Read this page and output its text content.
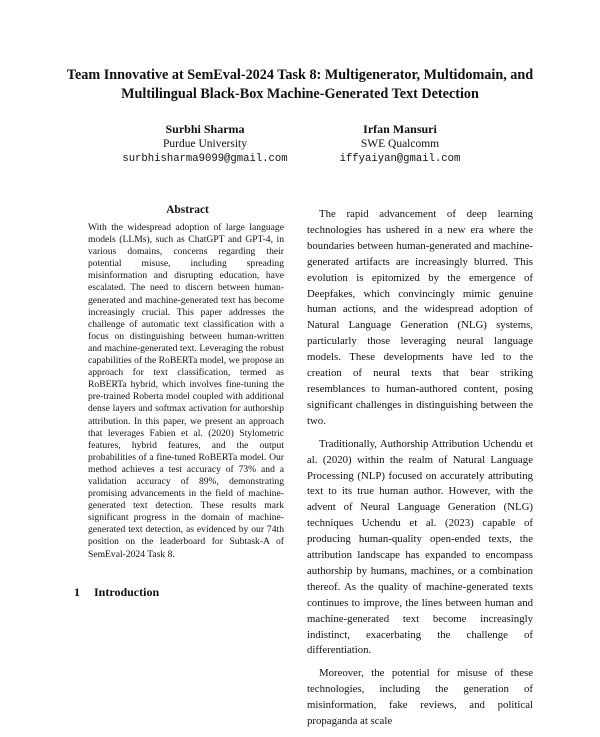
Team Innovative at SemEval-2024 Task 8: Multigenerator, Multidomain, and Multilingual Black-Box Machine-Generated Text Detection
Surbhi Sharma
Purdue University
surbhisharma9099@gmail.com
Irfan Mansuri
SWE Qualcomm
iffyaiyan@gmail.com
Abstract

With the widespread adoption of large language models (LLMs), such as ChatGPT and GPT-4, in various domains, concerns regarding their potential misuse, including spreading misinformation and disrupting education, have escalated. The need to discern between human-generated and machine-generated text has become increasingly crucial. This paper addresses the challenge of automatic text classification with a focus on distinguishing between human-written and machine-generated text. Leveraging the robust capabilities of the RoBERTa model, we propose an approach for text classification, termed as RoBERTa hybrid, which involves fine-tuning the pre-trained Roberta model coupled with additional dense layers and softmax activation for authorship attribution. In this paper, we present an approach that leverages Fabien et al. (2020) Stylometric features, hybrid features, and the output probabilities of a fine-tuned RoBERTa model. Our method achieves a test accuracy of 73% and a validation accuracy of 89%, demonstrating promising advancements in the field of machine-generated text detection. These results mark significant progress in the domain of machine-generated text detection, as evidenced by our 74th position on the leaderboard for Subtask-A of SemEval-2024 Task 8.

1 Introduction

The rapid advancement of deep learning technologies has ushered in a new era where the boundaries between human-generated and machine-generated artifacts are increasingly blurred. This evolution is epitomized by the emergence of Deepfakes, which convincingly mimic genuine human actions, and the widespread adoption of Natural Language Generation (NLG) systems, particularly those leveraging neural language models. These developments have led to the creation of neural texts that bear striking resemblances to human-authored content, posing significant challenges in distinguishing between the two.

Traditionally, Authorship Attribution Uchendu et al. (2020) within the realm of Natural Language Processing (NLP) focused on accurately attributing text to its true human author. However, with the advent of Neural Language Generation (NLG) techniques Uchendu et al. (2023) capable of producing human-quality open-ended texts, the attribution landscape has expanded to encompass authorship by humans, machines, or a combination thereof. As the quality of machine-generated texts continues to improve, the lines between human and machine-generated text become increasingly indistinct, exacerbating the challenge of differentiation.

Moreover, the potential for misuse of these technologies, including the generation of misinformation, fake reviews, and political propaganda at scale
